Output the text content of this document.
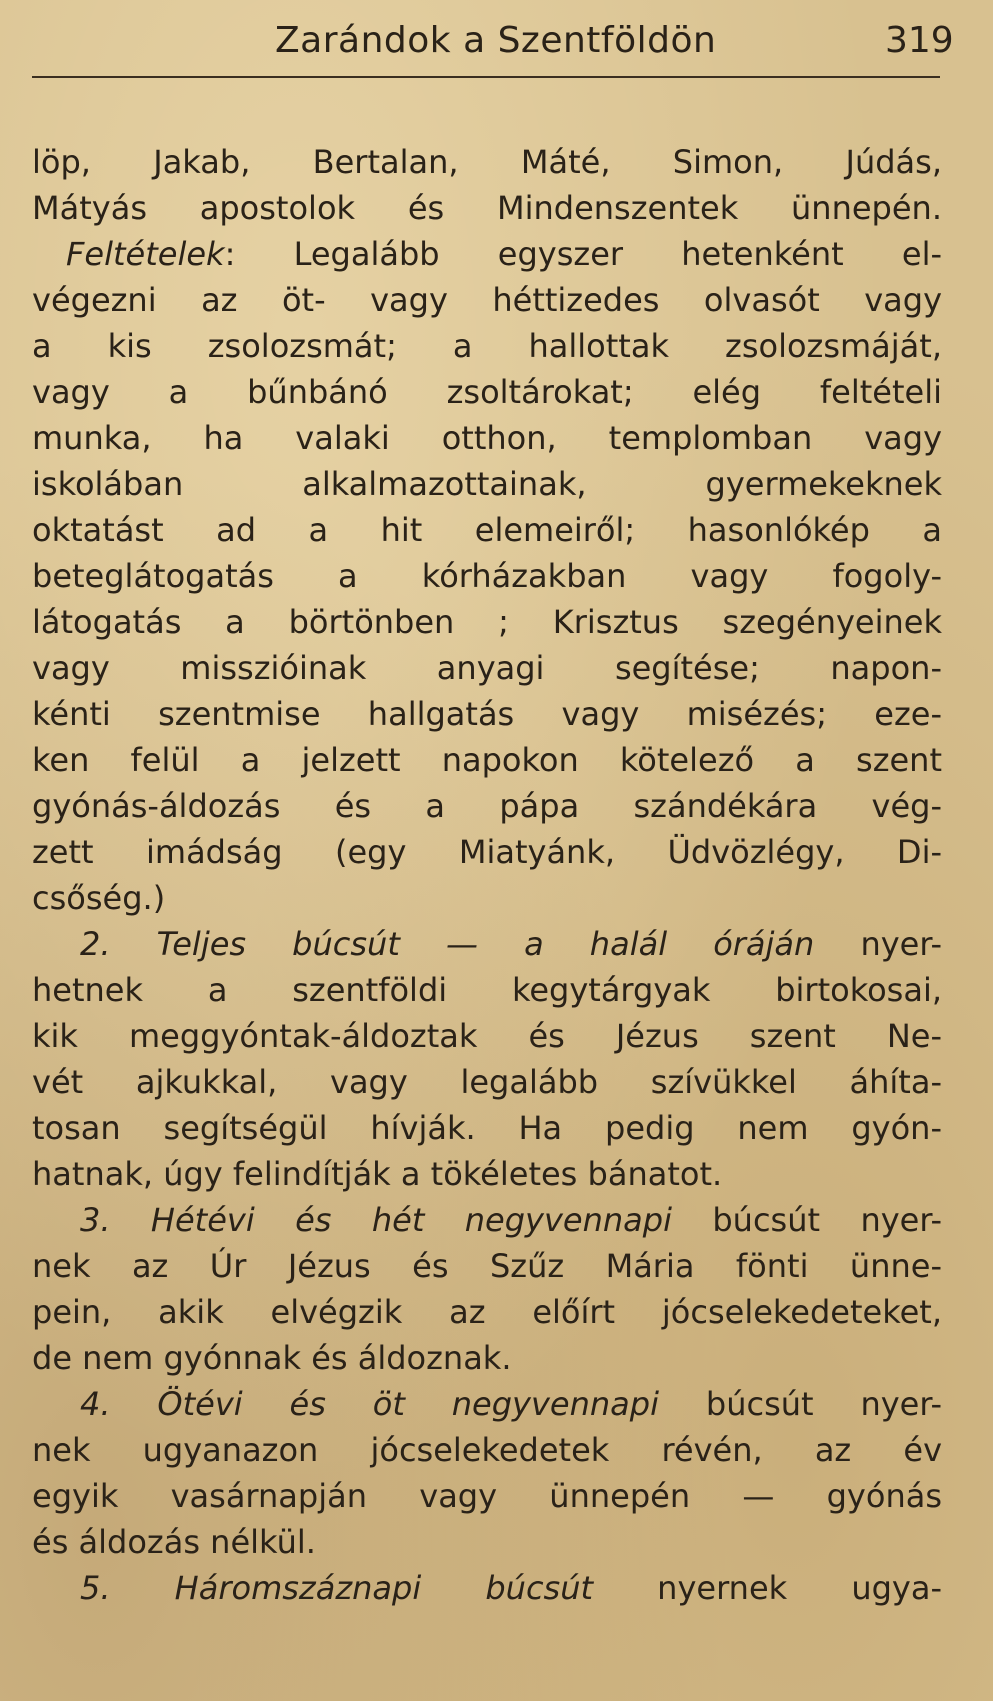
Zarándok a Szentföldön	319
löp, Jakab, Bertalan, Máté, Simon, Júdás,
Mátyás apostolok és Mindenszentek ünnepén.
Feltételek: Legalább egyszer hetenként el-
végezni az öt- vagy héttizedes olvasót vagy
a kis zsolozsmát; a hallottak zsolozsmáját,
vagy a bűnbánó zsoltárokat; elég feltételi
munka, ha valaki otthon, templomban vagy
iskolában alkalmazottainak, gyermekeknek
oktatást ad a hit elemeiről; hasonlókép a
beteglátogatás a kórházakban vagy fogoly-
látogatás a börtönben ; Krisztus szegényeinek
vagy misszióinak anyagi segítése; napon-
kénti szentmise hallgatás vagy misézés; eze-
ken felül a jelzett napokon kötelező a szent
gyónás-áldozás és a pápa szándékára vég-
zett imádság (egy Miatyánk, Üdvözlégy, Di-
csőség.)
2. Teljes búcsút — a halál óráján nyer-
hetnek a szentföldi kegytárgyak birtokosai,
kik meggyóntak-áldoztak és Jézus szent Ne-
vét ajkukkal, vagy legalább szívükkel áhíta-
tosan segítségül hívják. Ha pedig nem gyón-
hatnak, úgy felindítják a tökéletes bánatot.
3. Hétévi és hét negyvennapi búcsút nyer-
nek az Úr Jézus és Szűz Mária fönti ünne-
pein, akik elvégzik az előírt jócselekedeteket,
de nem gyónnak és áldoznak.
4. Ötévi és öt negyvennapi búcsút nyer-
nek ugyanazon jócselekedetek révén, az év
egyik vasárnapján vagy ünnepén — gyónás
és áldozás nélkül.
5. Háromszáznapi búcsút nyernek ugya-
